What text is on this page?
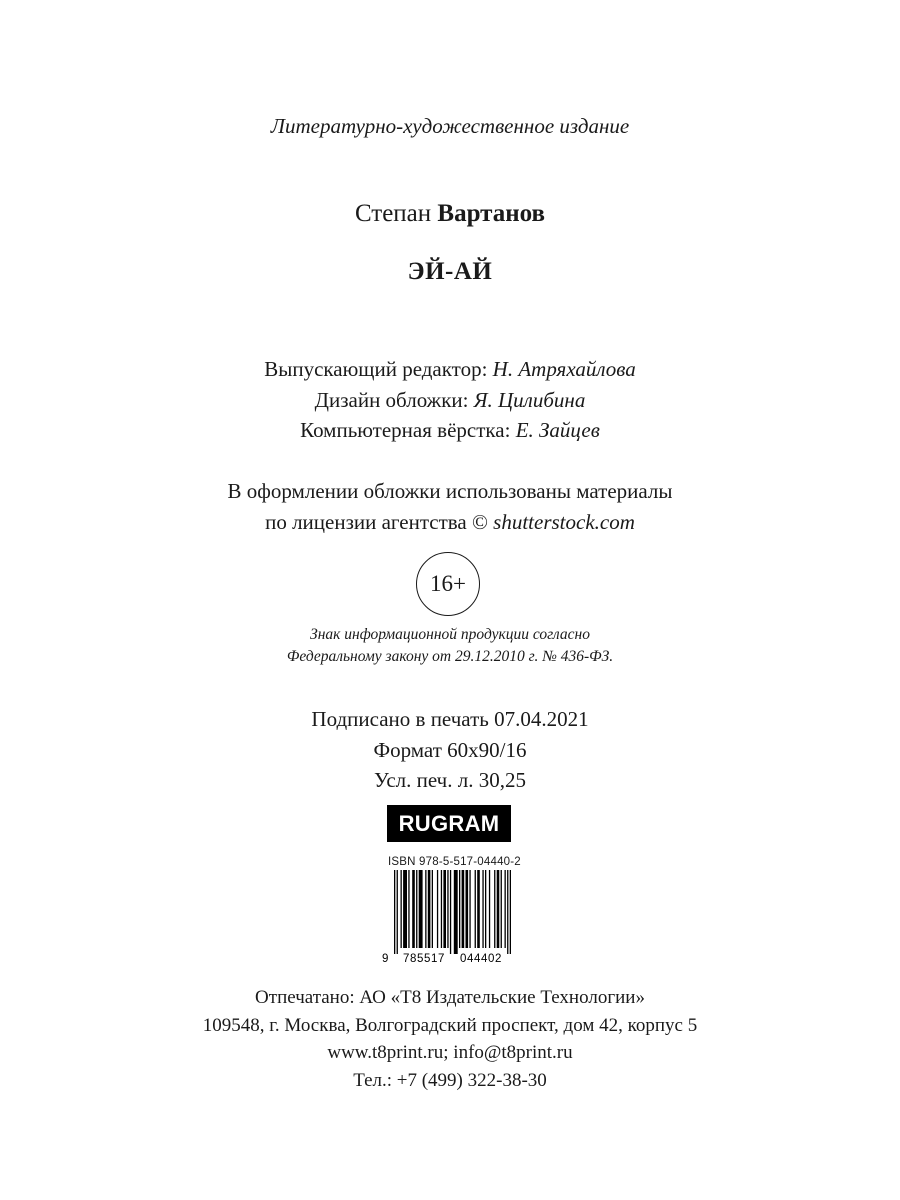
Литературно-художественное издание
Степан Вартанов
ЭЙ-АЙ
Выпускающий редактор: Н. Атряхайлова
Дизайн обложки: Я. Цилибина
Компьютерная вёрстка: Е. Зайцев
В оформлении обложки использованы материалы
по лицензии агентства © shutterstock.com
16+
Знак информационной продукции согласно
Федеральному закону от 29.12.2010 г. № 436-ФЗ.
Подписано в печать 07.04.2021
Формат 60х90/16
Усл. печ. л. 30,25
RUGRAM
ISBN 978-5-517-04440-2
9 785517 044402
Отпечатано: АО «Т8 Издательские Технологии»
109548, г. Москва, Волгоградский проспект, дом 42, корпус 5
www.t8print.ru; info@t8print.ru
Тел.: +7 (499) 322-38-30
